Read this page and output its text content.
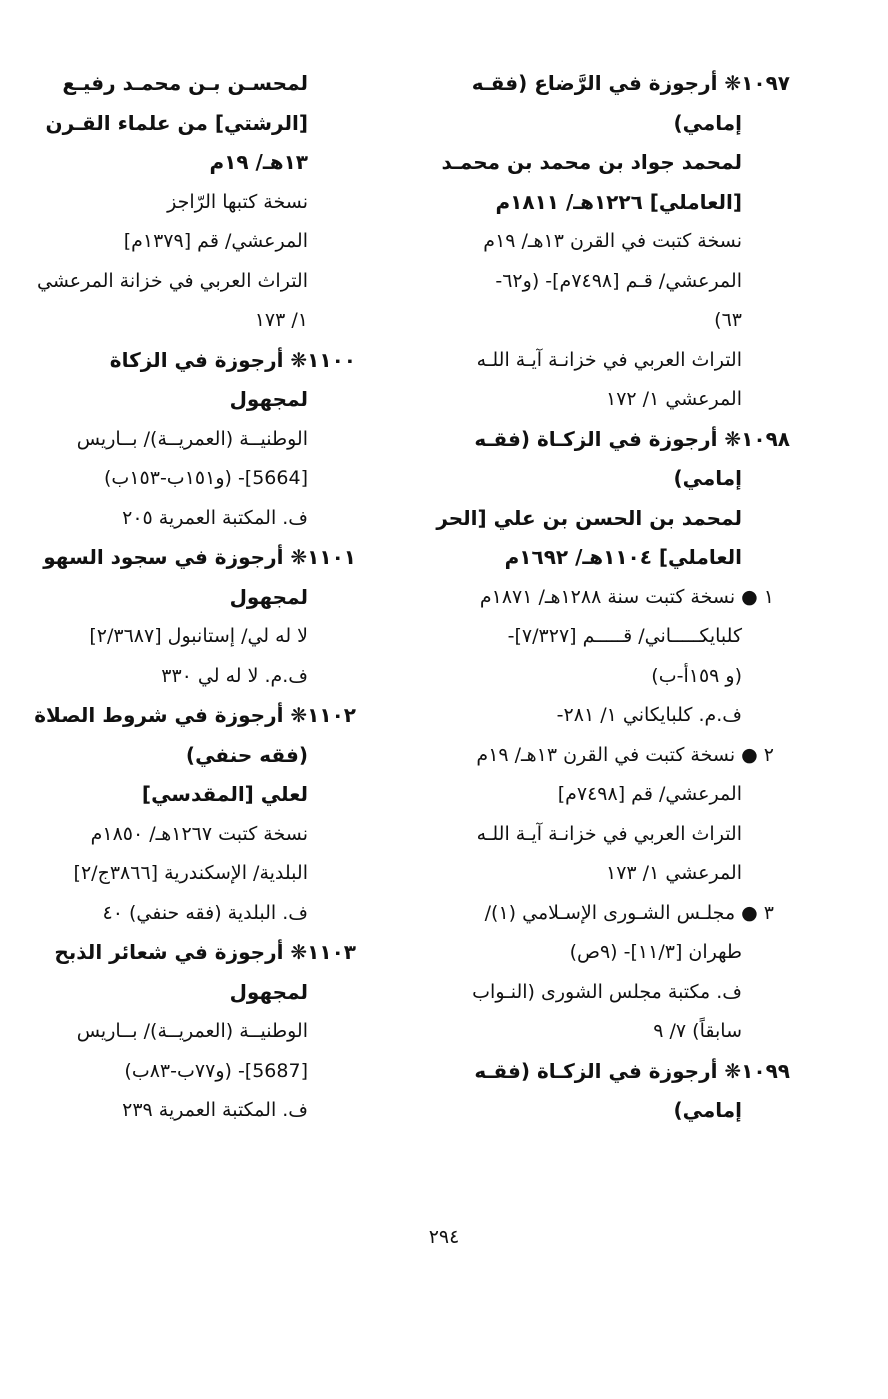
١٠٩٧❋ أرجوزة في الرَّضاع (فقـه
إمامي)
لمحمد جواد بن محمد بن محمـد
[العاملي] ١٢٢٦هـ/ ١٨١١م
نسخة كتبت في القرن ١٣هـ/ ١٩م
المرعشي/ قـم [٧٤٩٨م]- (و٦٢-
٦٣)
التراث العربي في خزانـة آيـة اللـه
المرعشي ١/ ١٧٢
١٠٩٨❋ أرجوزة في الزكـاة (فقـه
إمامي)
لمحمد بن الحسن بن علي [الحر
العاملي] ١١٠٤هـ/ ١٦٩٢م
١ ● نسخة كتبت سنة ١٢٨٨هـ/ ١٨٧١م
كلبايكـــــاني/ قـــــم [٧/٣٢٧]-
(و ١٥٩أ-ب)
ف.م. كلبايكاني ١/ ٢٨١-
٢ ● نسخة كتبت في القرن ١٣هـ/ ١٩م
المرعشي/ قم [٧٤٩٨م]
التراث العربي في خزانـة آيـة اللـه
المرعشي ١/ ١٧٣
٣ ● مجلـس الشـورى الإسـلامي (١)/
طهران [١١/٣]- (٩ص)
ف. مكتبة مجلس الشورى (النـواب
سابقاً) ٧/ ٩
١٠٩٩❋ أرجوزة في الزكـاة (فقـه
إمامي)
لمحسـن بـن محمـد رفيـع
[الرشتي] من علماء القـرن
١٣هـ/ ١٩م
نسخة كتبها الرّاجز
المرعشي/ قم [١٣٧٩م]
التراث العربي في خزانة المرعشي
١/ ١٧٣
١١٠٠❋ أرجوزة في الزكاة
لمجهول
الوطنيــة (العمريــة)/ بــاريس
[5664]- (و١٥١ب-١٥٣ب)
ف. المكتبة العمرية ٢٠٥
١١٠١❋ أرجوزة في سجود السهو
لمجهول
لا له لي/ إستانبول [٢/٣٦٨٧]
ف.م. لا له لي ٣٣٠
١١٠٢❋ أرجوزة في شروط الصلاة
(فقه حنفي)
لعلي [المقدسي]
نسخة كتبت ١٢٦٧هـ/ ١٨٥٠م
البلدية/ الإسكندرية [٣٨٦٦ج/٢]
ف. البلدية (فقه حنفي) ٤٠
١١٠٣❋ أرجوزة في شعائر الذبح
لمجهول
الوطنيــة (العمريــة)/ بــاريس
[5687]- (و٧٧ب-٨٣ب)
ف. المكتبة العمرية ٢٣٩
٢٩٤
